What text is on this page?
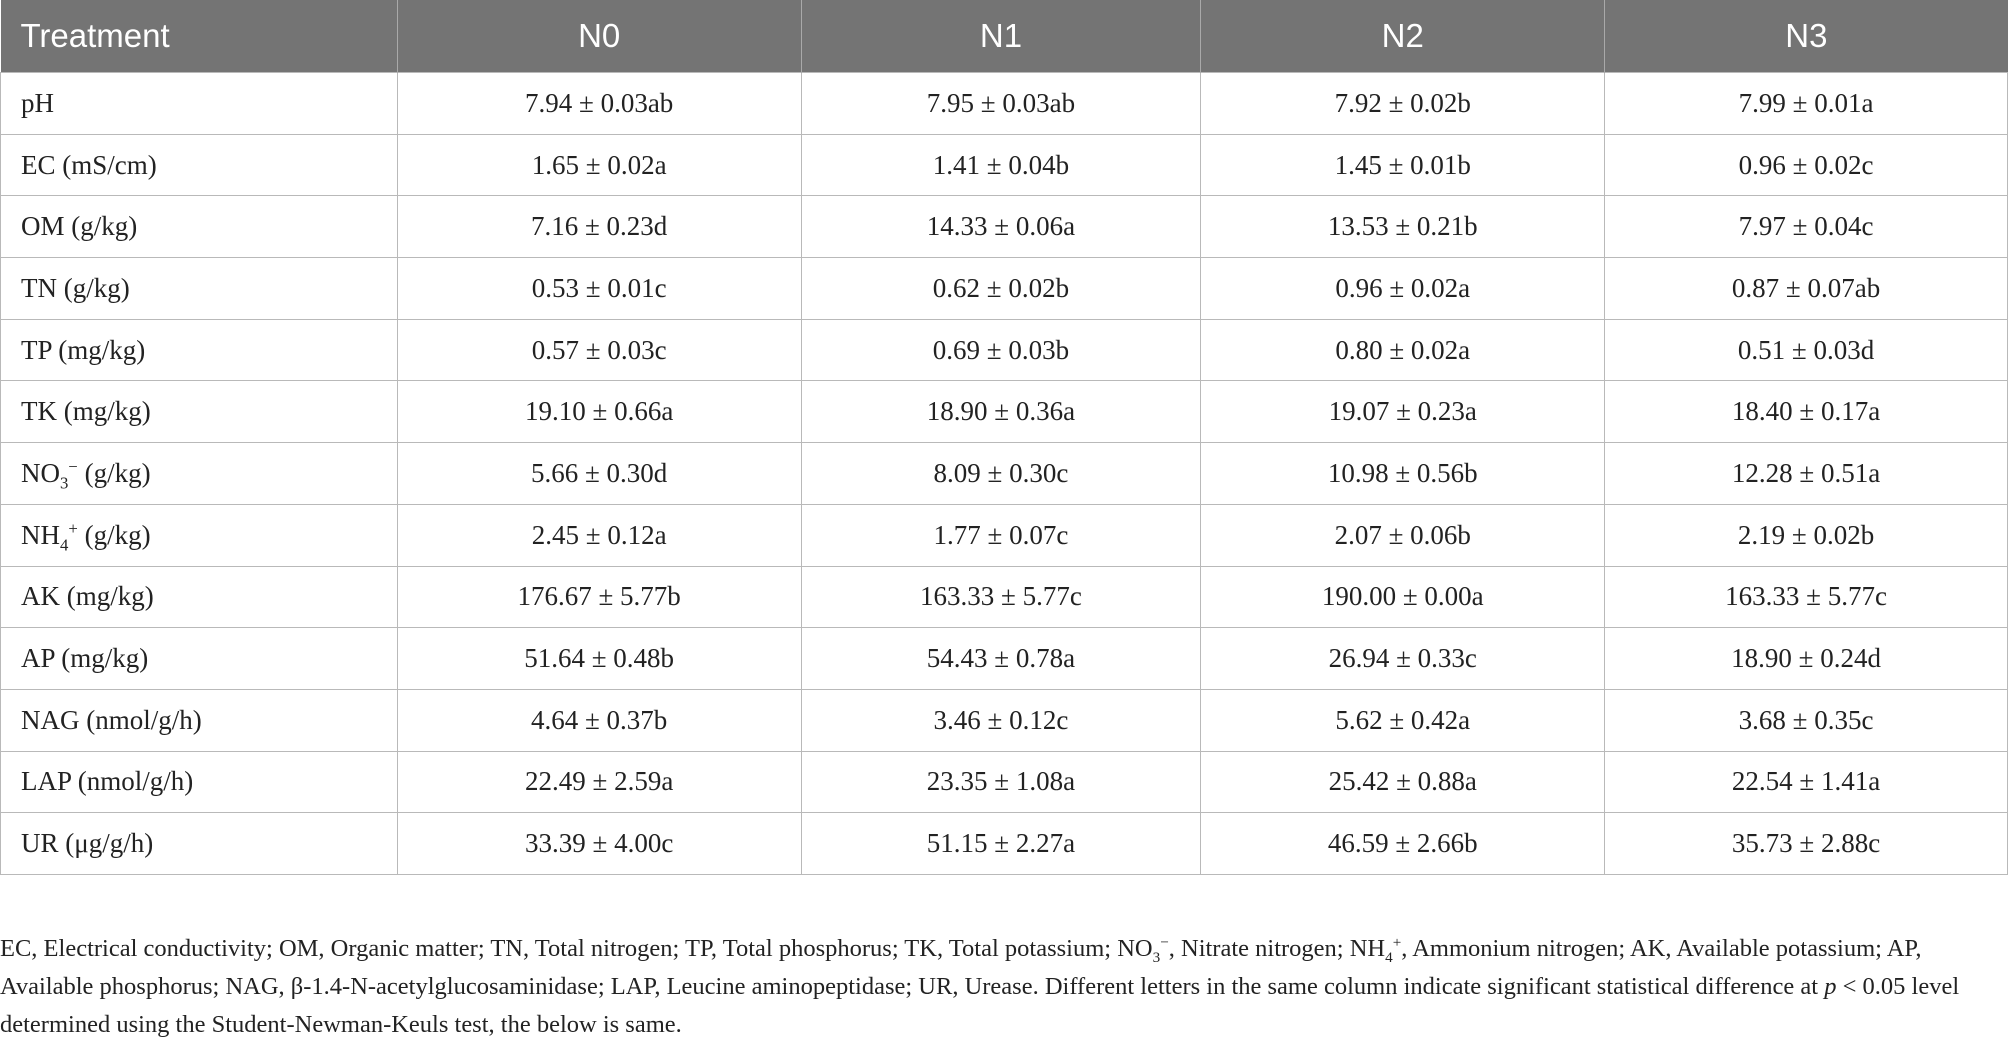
Treatment	N0	N1	N2	N3
pH	7.94 ± 0.03ab	7.95 ± 0.03ab	7.92 ± 0.02b	7.99 ± 0.01a
EC (mS/cm)	1.65 ± 0.02a	1.41 ± 0.04b	1.45 ± 0.01b	0.96 ± 0.02c
OM (g/kg)	7.16 ± 0.23d	14.33 ± 0.06a	13.53 ± 0.21b	7.97 ± 0.04c
TN (g/kg)	0.53 ± 0.01c	0.62 ± 0.02b	0.96 ± 0.02a	0.87 ± 0.07ab
TP (mg/kg)	0.57 ± 0.03c	0.69 ± 0.03b	0.80 ± 0.02a	0.51 ± 0.03d
TK (mg/kg)	19.10 ± 0.66a	18.90 ± 0.36a	19.07 ± 0.23a	18.40 ± 0.17a
$NO_3^-$ (g/kg)	5.66 ± 0.30d	8.09 ± 0.30c	10.98 ± 0.56b	12.28 ± 0.51a
$NH_4^+$ (g/kg)	2.45 ± 0.12a	1.77 ± 0.07c	2.07 ± 0.06b	2.19 ± 0.02b
AK (mg/kg)	176.67 ± 5.77b	163.33 ± 5.77c	190.00 ± 0.00a	163.33 ± 5.77c
AP (mg/kg)	51.64 ± 0.48b	54.43 ± 0.78a	26.94 ± 0.33c	18.90 ± 0.24d
NAG (nmol/g/h)	4.64 ± 0.37b	3.46 ± 0.12c	5.62 ± 0.42a	3.68 ± 0.35c
LAP (nmol/g/h)	22.49 ± 2.59a	23.35 ± 1.08a	25.42 ± 0.88a	22.54 ± 1.41a
UR (μg/g/h)	33.39 ± 4.00c	51.15 ± 2.27a	46.59 ± 2.66b	35.73 ± 2.88c
EC, Electrical conductivity; OM, Organic matter; TN, Total nitrogen; TP, Total phosphorus; TK, Total potassium; $NO_3^-$, Nitrate nitrogen; $NH_4^+$, Ammonium nitrogen; AK, Available potassium; AP, Available phosphorus; NAG, β-1.4-N-acetylglucosaminidase; LAP, Leucine aminopeptidase; UR, Urease. Different letters in the same column indicate significant statistical difference at p < 0.05 level determined using the Student-Newman-Keuls test, the below is same.
